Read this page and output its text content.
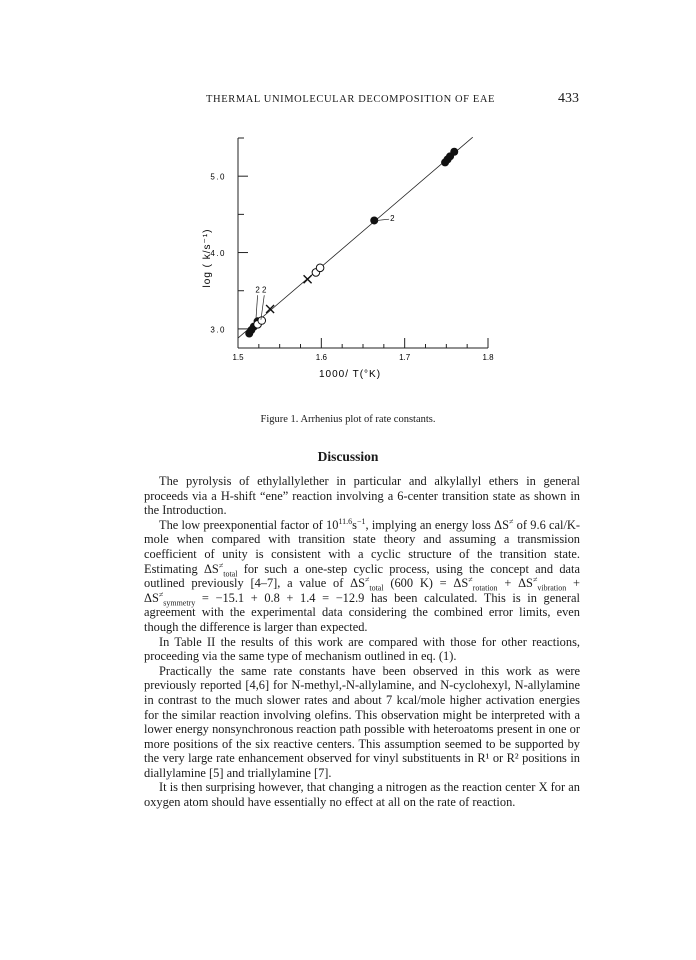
THERMAL UNIMOLECULAR DECOMPOSITION OF EAE	433
3.0
4.0
5.0
1.5	1.6	1.7	1.8
2 2
2
1000/ T(°K)
log ( k/s⁻¹)
Figure 1. Arrhenius plot of rate constants.
Discussion

The pyrolysis of ethylallylether in particular and alkylallyl ethers in general proceeds via a H-shift “ene” reaction involving a 6-center transition state as shown in the Introduction.

The low preexponential factor of $10^{11.6}s^{-1}$, implying an energy loss ΔS≠ of 9.6 cal/K-mole when compared with transition state theory and assuming a transmission coefficient of unity is consistent with a cyclic structure of the transition state. Estimating $\Delta S^\ne_{total}$ for such a one-step cyclic process, using the concept and data outlined previously [4–7], a value of $\Delta S^\ne_{total}$ (600 $K) = \Delta S^\ne_{rotation} + \Delta S^\ne_{vibration} + \Delta S^\ne_{symmetry} = -15.1 + 0.8 + 1.4 = -12.9$ has been calculated. This is in general agreement with the experimental data considering the combined error limits, even though the difference is larger than expected.

In Table II the results of this work are compared with those for other reactions, proceeding via the same type of mechanism outlined in eq. (1).

Practically the same rate constants have been observed in this work as were previously reported [4,6] for N-methyl,-N-allylamine, and N-cyclohexyl, N-allylamine in contrast to the much slower rates and about 7 kcal/mole higher activation energies for the similar reaction involving olefins. This observation might be interpreted with a lower energy nonsynchronous reaction path possible with heteroatoms present in one or more positions of the six reactive centers. This assumption seemed to be supported by the very large rate enhancement observed for vinyl substituents in R¹ or R² positions in diallylamine [5] and triallylamine [7].

It is then surprising however, that changing a nitrogen as the reaction center X for an oxygen atom should have essentially no effect at all on the rate of reaction.
